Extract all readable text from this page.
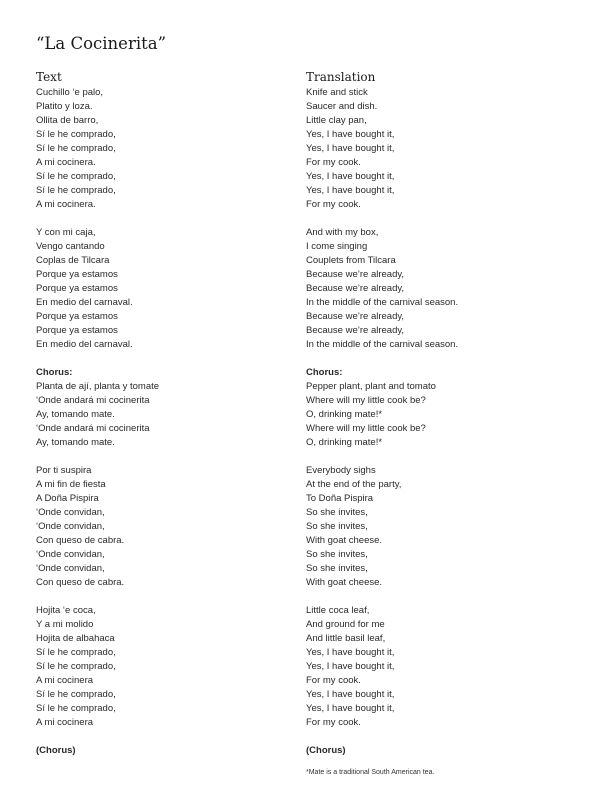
“La Cocinerita”
Text
Cuchillo ‘e palo,
Platito y loza.
Ollita de barro,
Sí le he comprado,
Sí le he comprado,
A mi cocinera.
Sí le he comprado,
Sí le he comprado,
A mi cocinera.
Y con mi caja,
Vengo cantando
Coplas de Tilcara
Porque ya estamos
Porque ya estamos
En medio del carnaval.
Porque ya estamos
Porque ya estamos
En medio del carnaval.
Chorus:
Planta de ají, planta y tomate
‘Onde andará mi cocinerita
Ay, tomando mate.
‘Onde andará mi cocinerita
Ay, tomando mate.
Por ti suspira
A mi fin de fiesta
A Doña Pispira
‘Onde convidan,
‘Onde convidan,
Con queso de cabra.
‘Onde convidan,
‘Onde convidan,
Con queso de cabra.
Hojita ‘e coca,
Y a mi molido
Hojita de albahaca
Sí le he comprado,
Sí le he comprado,
A mi cocinera
Sí le he comprado,
Sí le he comprado,
A mi cocinera
(Chorus)
Translation
Knife and stick
Saucer and dish.
Little clay pan,
Yes, I have bought it,
Yes, I have bought it,
For my cook.
Yes, I have bought it,
Yes, I have bought it,
For my cook.
And with my box,
I come singing
Couplets from Tilcara
Because we’re already,
Because we’re already,
In the middle of the carnival season.
Because we’re already,
Because we’re already,
In the middle of the carnival season.
Chorus:
Pepper plant, plant and tomato
Where will my little cook be?
O, drinking mate!*
Where will my little cook be?
O, drinking mate!*
Everybody sighs
At the end of the party,
To Doña Pispira
So she invites,
So she invites,
With goat cheese.
So she invites,
So she invites,
With goat cheese.
Little coca leaf,
And ground for me
And little basil leaf,
Yes, I have bought it,
Yes, I have bought it,
For my cook.
Yes, I have bought it,
Yes, I have bought it,
For my cook.
(Chorus)
*Mate is a traditional South American tea.
